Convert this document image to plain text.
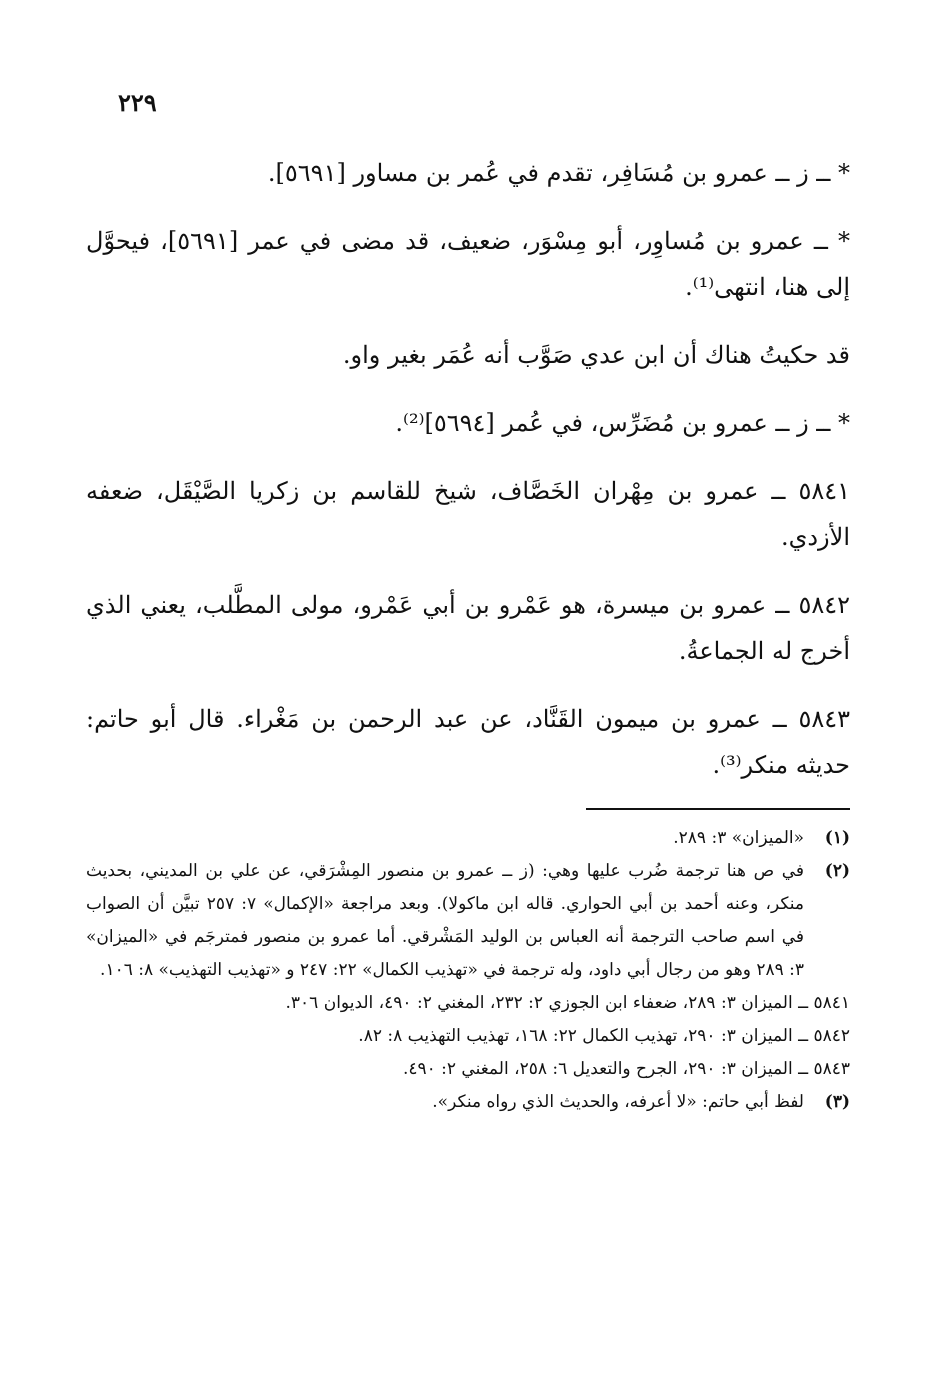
٢٢٩

* ــ ز ــ عمرو بن مُسَافِر، تقدم في عُمر بن مساور [٥٦٩١].

* ــ عمرو بن مُساوِر، أبو مِسْوَر، ضعيف، قد مضى في عمر [٥٦٩١]، فيحوَّل إلى هنا، انتهى⁽¹⁾.

قد حكيتُ هناك أن ابن عدي صَوَّب أنه عُمَر بغير واو.

* ــ ز ــ عمرو بن مُضَرِّس، في عُمر [٥٦٩٤]⁽²⁾.

٥٨٤١ ــ عمرو بن مِهْران الخَصَّاف، شيخ للقاسم بن زكريا الصَّيْقَل، ضعفه الأزدي.

٥٨٤٢ ــ عمرو بن ميسرة، هو عَمْرو بن أبي عَمْرو، مولى المطَّلب، يعني الذي أخرج له الجماعةُ.

٥٨٤٣ ــ عمرو بن ميمون القَنَّاد، عن عبد الرحمن بن مَغْراء. قال أبو حاتم: حديثه منكر⁽³⁾.

(١)
«الميزان» ٣: ٢٨٩.
(٢)
في ص هنا ترجمة ضُرب عليها وهي: (ز ــ عمرو بن منصور المِشْرَقي، عن علي بن المديني، بحديث منكر، وعنه أحمد بن أبي الحواري. قاله ابن ماكولا). وبعد مراجعة «الإكمال» ٧: ٢٥٧ تبيَّن أن الصواب في اسم صاحب الترجمة أنه العباس بن الوليد المَشْرقي. أما عمرو بن منصور فمترجَم في «الميزان» ٣: ٢٨٩ وهو من رجال أبي داود، وله ترجمة في «تهذيب الكمال» ٢٢: ٢٤٧ و «تهذيب التهذيب» ٨: ١٠٦.

٥٨٤١ ــ الميزان ٣: ٢٨٩، ضعفاء ابن الجوزي ٢: ٢٣٢، المغني ٢: ٤٩٠، الديوان ٣٠٦.

٥٨٤٢ ــ الميزان ٣: ٢٩٠، تهذيب الكمال ٢٢: ١٦٨، تهذيب التهذيب ٨: ٨٢.

٥٨٤٣ ــ الميزان ٣: ٢٩٠، الجرح والتعديل ٦: ٢٥٨، المغني ٢: ٤٩٠.

(٣)
لفظ أبي حاتم: «لا أعرفه، والحديث الذي رواه منكر».
